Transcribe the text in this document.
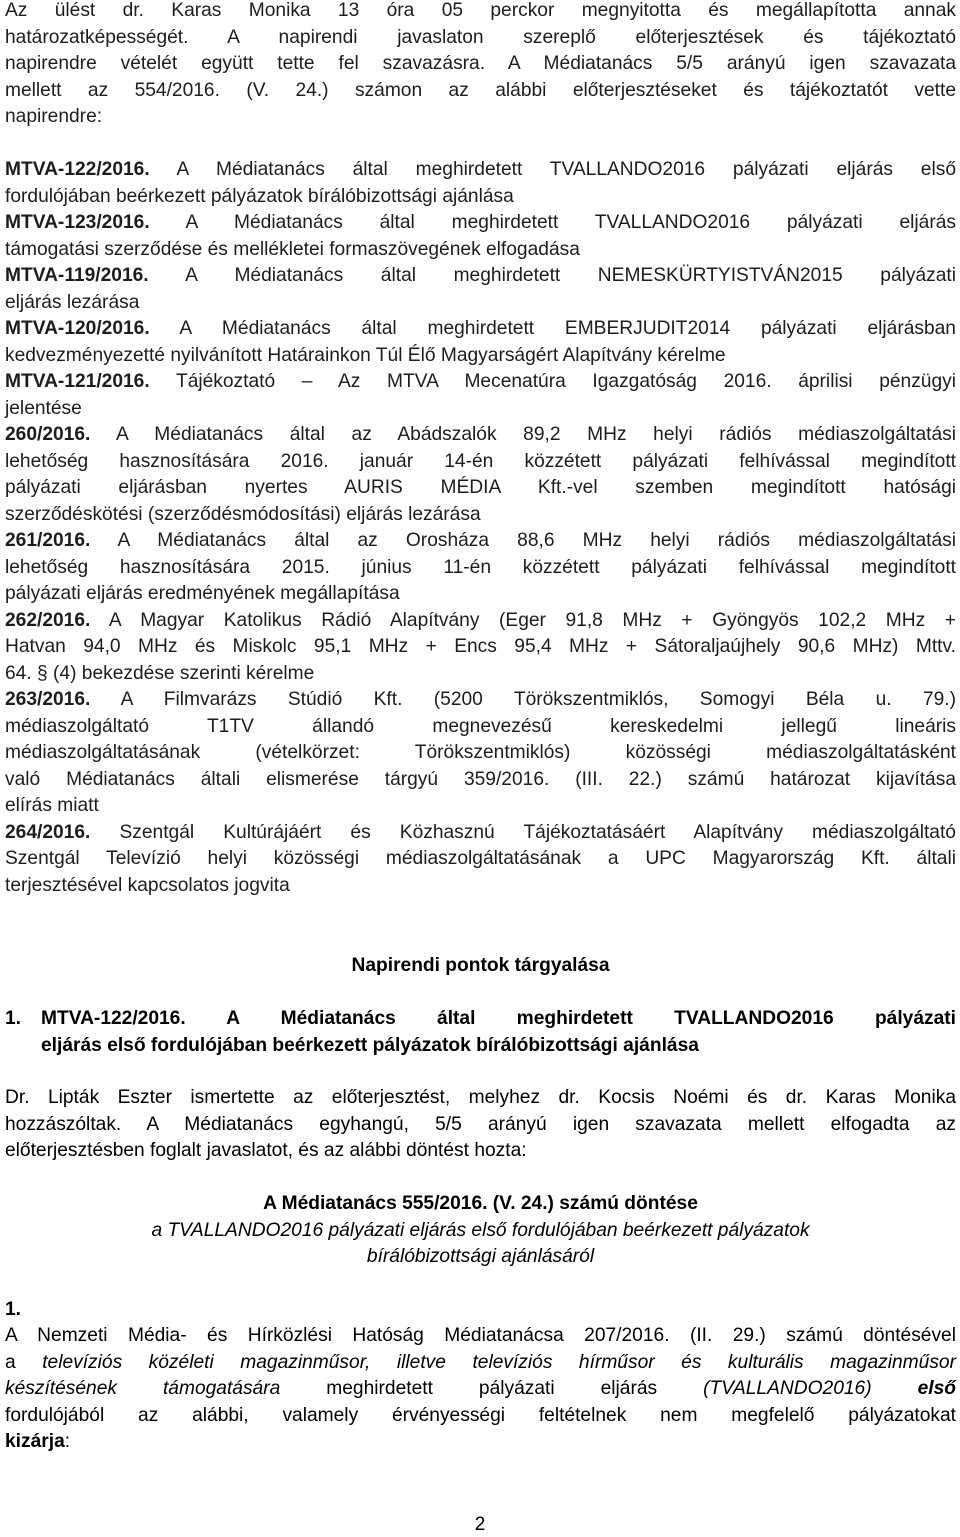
Az ülést dr. Karas Monika 13 óra 05 perckor megnyitotta és megállapította annak
határozatképességét. A napirendi javaslaton szereplő előterjesztések és tájékoztató
napirendre vételét együtt tette fel szavazásra. A Médiatanács 5/5 arányú igen szavazata
mellett az 554/2016. (V. 24.) számon az alábbi előterjesztéseket és tájékoztatót vette
napirendre:
MTVA-122/2016. A Médiatanács által meghirdetett TVALLANDO2016 pályázati eljárás első
fordulójában beérkezett pályázatok bírálóbizottsági ajánlása
MTVA-123/2016. A Médiatanács által meghirdetett TVALLANDO2016 pályázati eljárás
támogatási szerződése és mellékletei formaszövegének elfogadása
MTVA-119/2016. A Médiatanács által meghirdetett NEMESKÜRTYISTVÁN2015 pályázati
eljárás lezárása
MTVA-120/2016. A Médiatanács által meghirdetett EMBERJUDIT2014 pályázati eljárásban
kedvezményezetté nyilvánított Határainkon Túl Élő Magyarságért Alapítvány kérelme
MTVA-121/2016. Tájékoztató – Az MTVA Mecenatúra Igazgatóság 2016. áprilisi pénzügyi
jelentése
260/2016. A Médiatanács által az Abádszalók 89,2 MHz helyi rádiós médiaszolgáltatási
lehetőség hasznosítására 2016. január 14-én közzétett pályázati felhívással megindított
pályázati eljárásban nyertes AURIS MÉDIA Kft.-vel szemben megindított hatósági
szerződéskötési (szerződésmódosítási) eljárás lezárása
261/2016. A Médiatanács által az Orosháza 88,6 MHz helyi rádiós médiaszolgáltatási
lehetőség hasznosítására 2015. június 11-én közzétett pályázati felhívással megindított
pályázati eljárás eredményének megállapítása
262/2016. A Magyar Katolikus Rádió Alapítvány (Eger 91,8 MHz + Gyöngyös 102,2 MHz +
Hatvan 94,0 MHz és Miskolc 95,1 MHz + Encs 95,4 MHz + Sátoraljaújhely 90,6 MHz) Mttv.
64. § (4) bekezdése szerinti kérelme
263/2016. A Filmvarázs Stúdió Kft. (5200 Törökszentmiklós, Somogyi Béla u. 79.)
médiaszolgáltató T1TV állandó megnevezésű kereskedelmi jellegű lineáris
médiaszolgáltatásának (vételkörzet: Törökszentmiklós) közösségi médiaszolgáltatásként
való Médiatanács általi elismerése tárgyú 359/2016. (III. 22.) számú határozat kijavítása
elírás miatt
264/2016. Szentgál Kultúrájáért és Közhasznú Tájékoztatásáért Alapítvány médiaszolgáltató
Szentgál Televízió helyi közösségi médiaszolgáltatásának a UPC Magyarország Kft. általi
terjesztésével kapcsolatos jogvita
Napirendi pontok tárgyalása
1.	MTVA-122/2016. A Médiatanács által meghirdetett TVALLANDO2016 pályázati
eljárás első fordulójában beérkezett pályázatok bírálóbizottsági ajánlása
Dr. Lipták Eszter ismertette az előterjesztést, melyhez dr. Kocsis Noémi és dr. Karas Monika
hozzászóltak. A Médiatanács egyhangú, 5/5 arányú igen szavazata mellett elfogadta az
előterjesztésben foglalt javaslatot, és az alábbi döntést hozta:
A Médiatanács 555/2016. (V. 24.) számú döntése
a TVALLANDO2016 pályázati eljárás első fordulójában beérkezett pályázatok
bírálóbizottsági ajánlásáról
1.
A Nemzeti Média- és Hírközlési Hatóság Médiatanácsa 207/2016. (II. 29.) számú döntésével
a televíziós közéleti magazinműsor, illetve televíziós hírműsor és kulturális magazinműsor
készítésének támogatására meghirdetett pályázati eljárás (TVALLANDO2016) első
fordulójából az alábbi, valamely érvényességi feltételnek nem megfelelő pályázatokat
kizárja:
2
